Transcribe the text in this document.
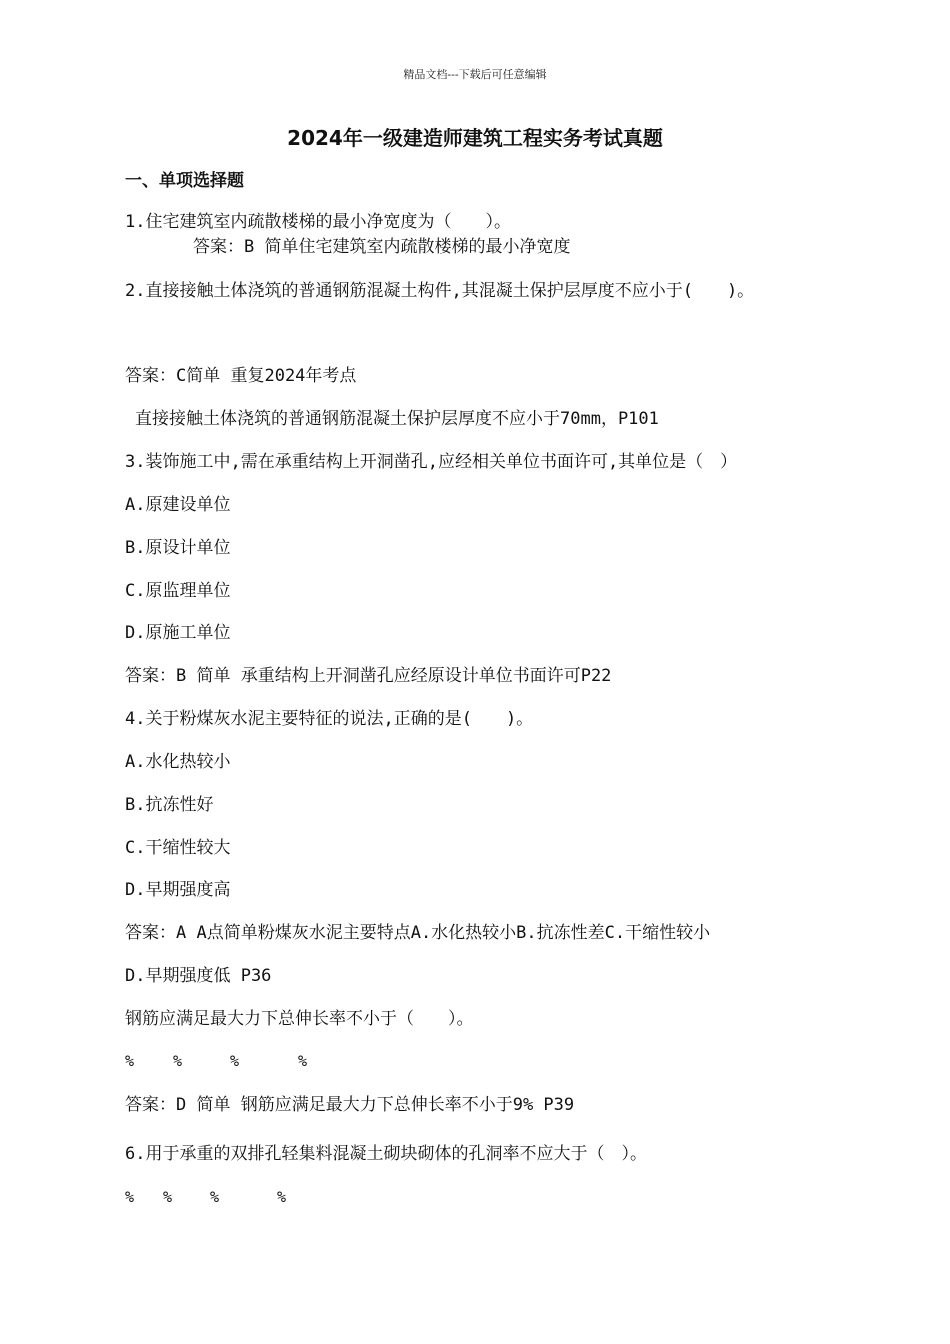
精品文档---下载后可任意编辑
2024年一级建造师建筑工程实务考试真题
一、单项选择题
1.住宅建筑室内疏散楼梯的最小净宽度为（　　）。
答案：B 简单住宅建筑室内疏散楼梯的最小净宽度
2.直接接触土体浇筑的普通钢筋混凝土构件,其混凝土保护层厚度不应小于(　　)。
答案：C简单 重复2024年考点
直接接触土体浇筑的普通钢筋混凝土保护层厚度不应小于70mm，P101
3.装饰施工中,需在承重结构上开洞凿孔,应经相关单位书面许可,其单位是（　）
A.原建设单位
B.原设计单位
C.原监理单位
D.原施工单位
答案：B 简单 承重结构上开洞凿孔应经原设计单位书面许可P22
4.关于粉煤灰水泥主要特征的说法,正确的是(　　)。
A.水化热较小
B.抗冻性好
C.干缩性较大
D.早期强度高
答案：A A点简单粉煤灰水泥主要特点A.水化热较小B.抗冻性差C.干缩性较小
D.早期强度低 P36
钢筋应满足最大力下总伸长率不小于（　　）。
%	%	%	%
答案：D 简单 钢筋应满足最大力下总伸长率不小于9% P39
6.用于承重的双排孔轻集料混凝土砌块砌体的孔洞率不应大于（　）。
% %	%	%
